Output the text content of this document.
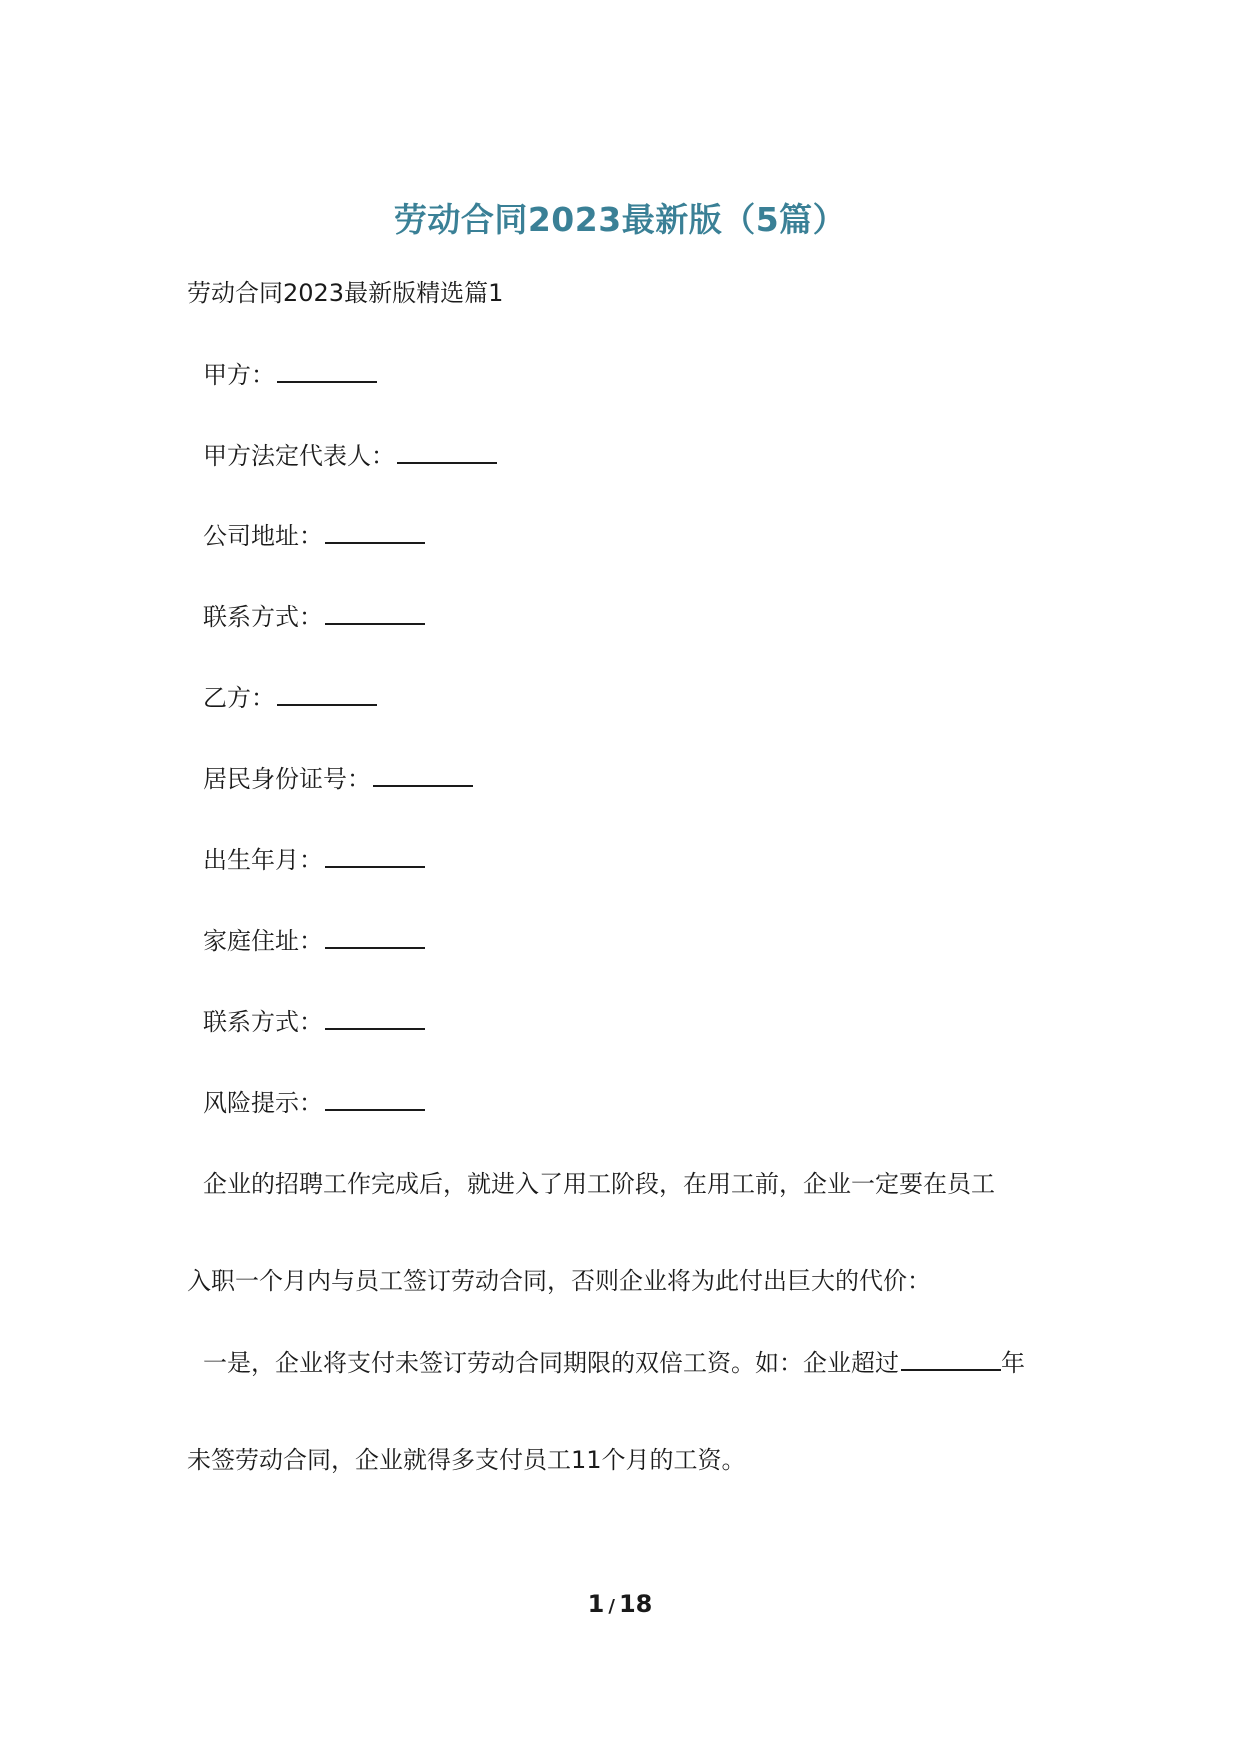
劳动合同2023最新版（5篇）
劳动合同2023最新版精选篇1
甲方：
甲方法定代表人：
公司地址：
联系方式：
乙方：
居民身份证号：
出生年月：
家庭住址：
联系方式：
风险提示：
企业的招聘工作完成后，就进入了用工阶段，在用工前，企业一定要在员工
入职一个月内与员工签订劳动合同，否则企业将为此付出巨大的代价：
一是，企业将支付未签订劳动合同期限的双倍工资。如：企业超过	年
未签劳动合同，企业就得多支付员工11个月的工资。
1 / 18
